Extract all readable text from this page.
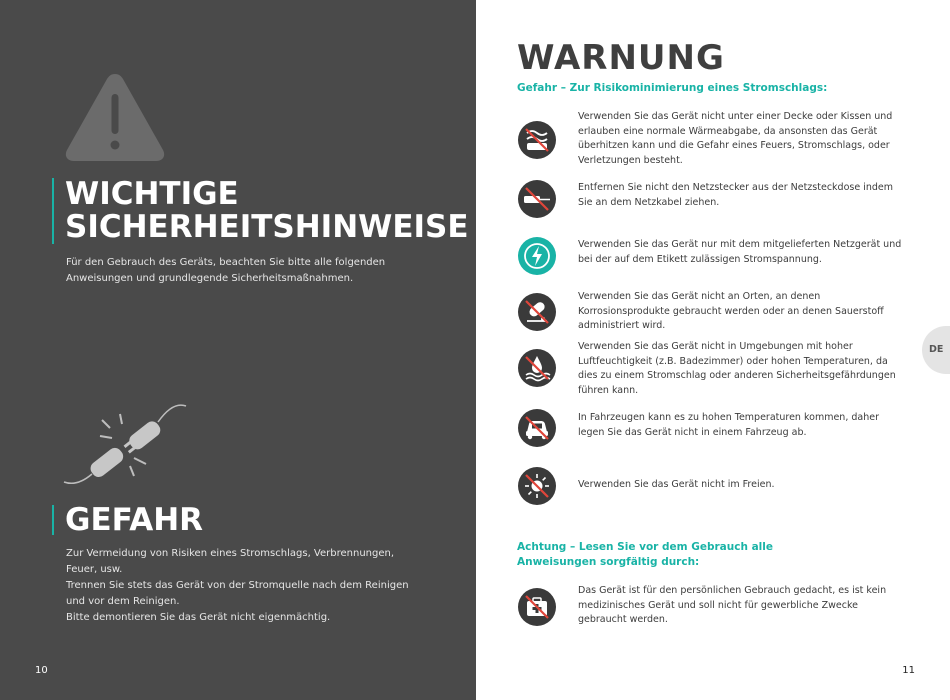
WICHTIGE
SICHERHEITSHINWEISE
Für den Gebrauch des Geräts, beachten Sie bitte alle folgenden Anweisungen und grundlegende Sicherheitsmaßnahmen.
GEFAHR

Zur Vermeidung von Risiken eines Stromschlags, Verbrennungen, Feuer, usw.

Trennen Sie stets das Gerät von der Stromquelle nach dem Reinigen und vor dem Reinigen.

Bitte demontieren Sie das Gerät nicht eigenmächtig.

10
WARNUNG
Gefahr – Zur Risikominimierung eines Stromschlags:
Verwenden Sie das Gerät nicht unter einer Decke oder Kissen und erlauben eine normale Wärmeabgabe, da ansonsten das Gerät überhitzen kann und die Gefahr eines Feuers, Stromschlags, oder Verletzungen besteht.
Entfernen Sie nicht den Netzstecker aus der Netzsteckdose indem Sie an dem Netzkabel ziehen.
Verwenden Sie das Gerät nur mit dem mitgelieferten Netzgerät und bei der auf dem Etikett zulässigen Stromspannung.
Verwenden Sie das Gerät nicht an Orten, an denen Korrosionsprodukte gebraucht werden oder an denen Sauerstoff administriert wird.
Verwenden Sie das Gerät nicht in Umgebungen mit hoher Luftfeuchtigkeit (z.B. Badezimmer) oder hohen Temperaturen, da dies zu einem Stromschlag oder anderen Sicherheitsgefährdungen führen kann.
In Fahrzeugen kann es zu hohen Temperaturen kommen, daher legen Sie das Gerät nicht in einem Fahrzeug ab.
Verwenden Sie das Gerät nicht im Freien.
Achtung – Lesen Sie vor dem Gebrauch alle Anweisungen sorgfältig durch:
Das Gerät ist für den persönlichen Gebrauch gedacht, es ist kein medizinisches Gerät und soll nicht für gewerbliche Zwecke gebraucht werden.
DE
11
